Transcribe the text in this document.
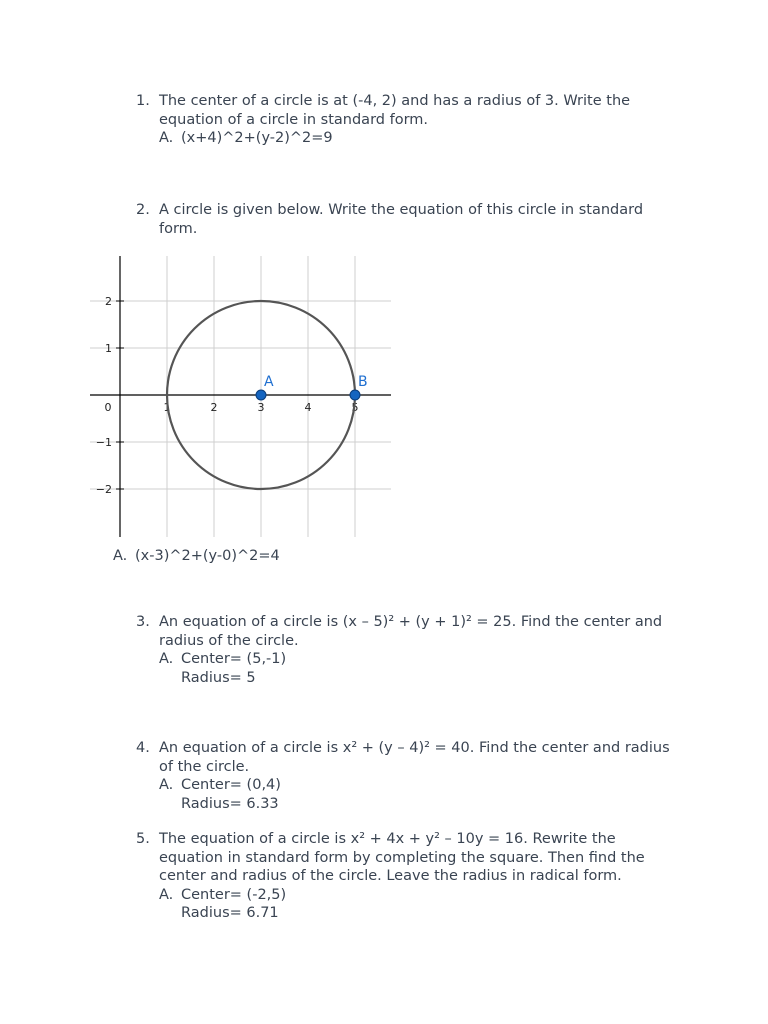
1. The center of a circle is at (-4, 2) and has a radius of 3. Write the equation of a circle in standard form.
A. (x+4)^2+(y-2)^2=9
2. A circle is given below. Write the equation of this circle in standard form.
0	1	2	3	4	5
2
1
−1
−2
A	B
A. (x-3)^2+(y-0)^2=4
3. An equation of a circle is (x – 5)² + (y + 1)² = 25. Find the center and radius of the circle.
A. Center= (5,-1)
Radius= 5
4. An equation of a circle is x² + (y – 4)² = 40. Find the center and radius of the circle.
A. Center= (0,4)
Radius= 6.33
5. The equation of a circle is x² + 4x + y² – 10y = 16. Rewrite the equation in standard form by completing the square. Then find the center and radius of the circle. Leave the radius in radical form.
A. Center= (-2,5)
Radius= 6.71
